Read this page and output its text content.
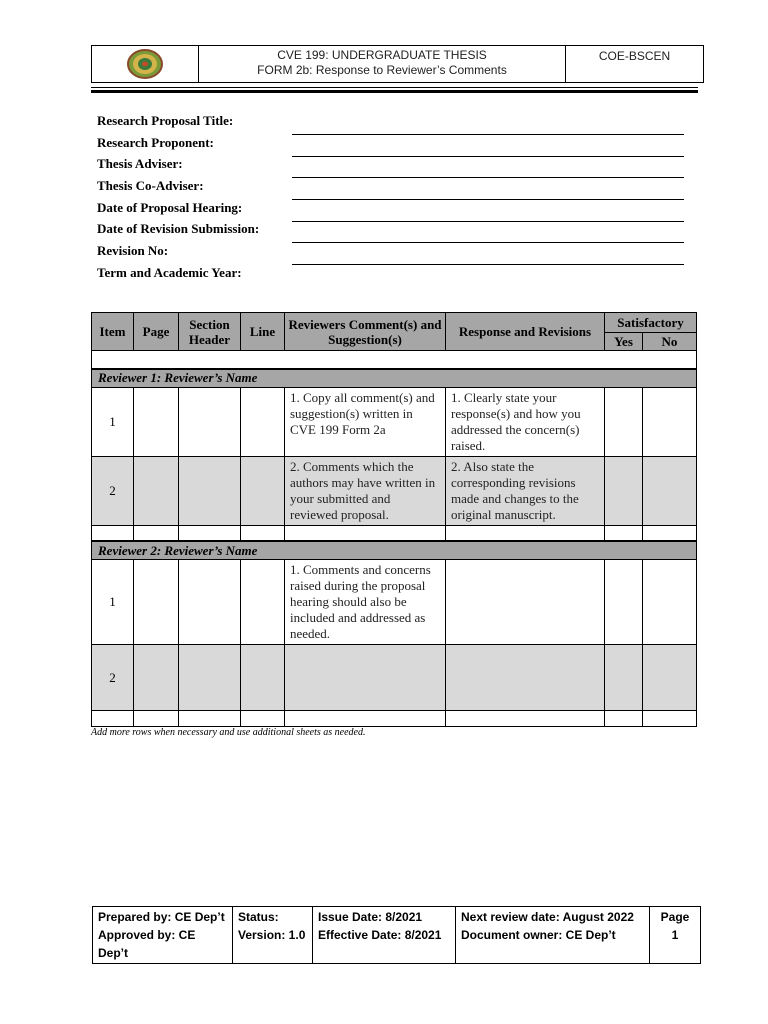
CVE 199: UNDERGRADUATE THESIS
FORM 2b: Response to Reviewer’s Comments
COE-BSCEN
Research Proposal Title:
Research Proponent:
Thesis Adviser:
Thesis Co-Adviser:
Date of Proposal Hearing:
Date of Revision Submission:
Revision No:
Term and Academic Year:
Item	Page	Section Header	Line	Reviewers Comment(s) and Suggestion(s)	Response and Revisions	Satisfactory	
						Yes	No

Reviewer 1: Reviewer’s Name							
1				1. Copy all comment(s) and suggestion(s) written in CVE 199 Form 2a	1. Clearly state your response(s) and how you addressed the concern(s) raised.		
2				2. Comments which the authors may have written in your submitted and reviewed proposal.	2. Also state the corresponding revisions made and changes to the original manuscript.		

Reviewer 2: Reviewer’s Name							
1				1. Comments and concerns raised during the proposal hearing should also be included and addressed as needed.			
2							

Add more rows when necessary and use additional sheets as needed.
Prepared by: CE Dep’t
Approved by: CE Dep’t

Status:
Version: 1.0

Issue Date: 8/2021
Effective Date: 8/2021

Next review date: August 2022
Document owner: CE Dep’t

Page
1
